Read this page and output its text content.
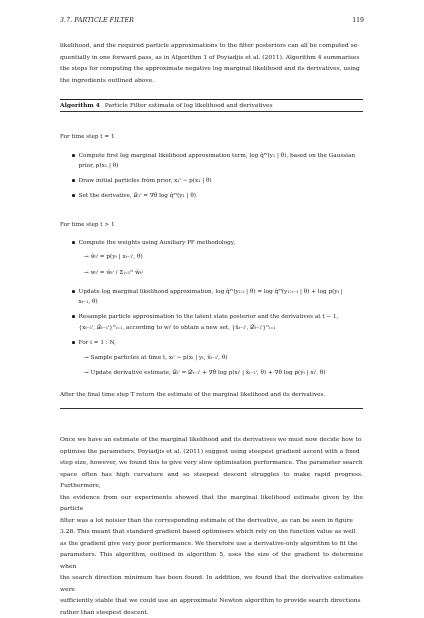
3.7. PARTICLE FILTER	119
likelihood, and the required particle approximations to the filter posteriors can all be computed se-
quentially in one forward pass, as in Algorithm 1 of Poyiadjis et al. (2011). Algorithm 4 summarises
the steps for computing the approximate negative log marginal likelihood and its derivatives, using
the ingredients outlined above.
Algorithm 4 Particle Filter estimate of log likelihood and derivatives
For time step t = 1
Compute first log marginal likelihood approximation term, log q̂ᴾᶠ(y₁ | θ), based on the Gaussian
prior, p(x₁ | θ)
Draw initial particles from prior, x₁ⁱ ∼ p(x₁ | θ)
Set the derivative, 𝒟₁ⁱ = ∇θ log q̂ᴾᶠ(y₁ | θ)
For time step t > 1
Compute the weights using Auxiliary PF methodology,
→ w̃ₜⁱ = p(yₜ | xₜ₋₁ⁱ, θ)
→ wₜⁱ = w̃ₜⁱ / Σⱼ₌₁ᴺ w̃ₜʲ
Update log marginal likelihood approximation, log q̂ᴾᶠ(y₁:ₜ | θ) = log q̂ᴾᶠ(y₁:ₜ₋₁ | θ) + log p(yₜ |
xₜ₋₁, θ)
Resample particle approximation to the latent state posterior and the derivatives at t − 1,
{xₜ₋₁ⁱ, 𝒟ₜ₋₁ⁱ}ᴺᵢ₌₁, according to wₜⁱ to obtain a new set, {x̃ₜ₋₁ⁱ, 𝒟̃ₜ₋₁ⁱ}ᴺᵢ₌₁
For i = 1 : N,
→ Sample particles at time t, xₜⁱ ∼ p(xₜ | yₜ, x̃ₜ₋₁ⁱ, θ)
→ Update derivative estimate, 𝒟ₜⁱ = 𝒟̃ₜ₋₁ⁱ + ∇θ log p(xₜⁱ | x̃ₜ₋₁ⁱ, θ) + ∇θ log p(yₜ | xₜⁱ, θ)
After the final time step T return the estimate of the marginal likelihood and its derivatives.
Once we have an estimate of the marginal likelihood and its derivatives we must now decide how to
optimise the parameters. Poyiadjis et al. (2011) suggest using steepest gradient ascent with a fixed
step size, however, we found this to give very slow optimisation performance. The parameter search
space often has high curvature and so steepest descent struggles to make rapid progress. Furthermore,
the evidence from our experiments showed that the marginal likelihood estimate given by the particle
filter was a lot noisier than the corresponding estimate of the derivative, as can be seen in figure
3.28. This meant that standard gradient based optimisers which rely on the function value as well
as the gradient give very poor performance. We therefore use a derivative-only algorithm to fit the
parameters. This algorithm, outlined in algorithm 5, uses the size of the gradient to determine when
the search direction minimum has been found. In addition, we found that the derivative estimates were
sufficiently stable that we could use an approximate Newton algorithm to provide search directions
rather than steepest descent.
